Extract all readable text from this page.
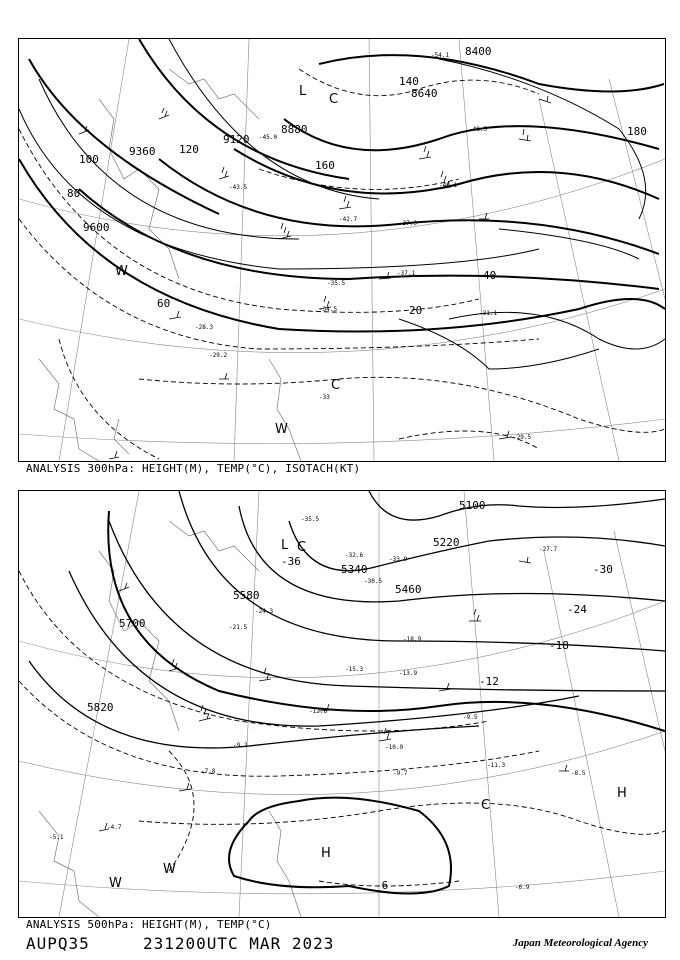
8400
8640
8880
9120
9360
9600
140
120
100
80
60
40
20
160
180
-54.1
-48.5
-45.0
-43.5
-42.7
-40.1
-37.9
-37.1
-35.5
-34.5
-33
-31.1
-29.5
-28.3
-29.2
L
C
C
W
W
ANALYSIS 300hPa: HEIGHT(M), TEMP(°C), ISOTACH(KT)
5100
5220
5340
5460
5580
5700
5820
-36
-30
-24
-18
-12
-6
-35.5
-33.9
-32.6
-30.5
-27.7
-24.3
-21.5
-18.9
-15.3
-13.9
-12.8
-10.9
-9.7
-9.2
-8.5
-7.8
-6.9
-5.1
-4.7
-11.3
-9.5
L C
C
H
H
W
W
ANALYSIS 500hPa: HEIGHT(M), TEMP(°C)
AUPQ35	231200UTC MAR 2023	Japan Meteorological Agency
